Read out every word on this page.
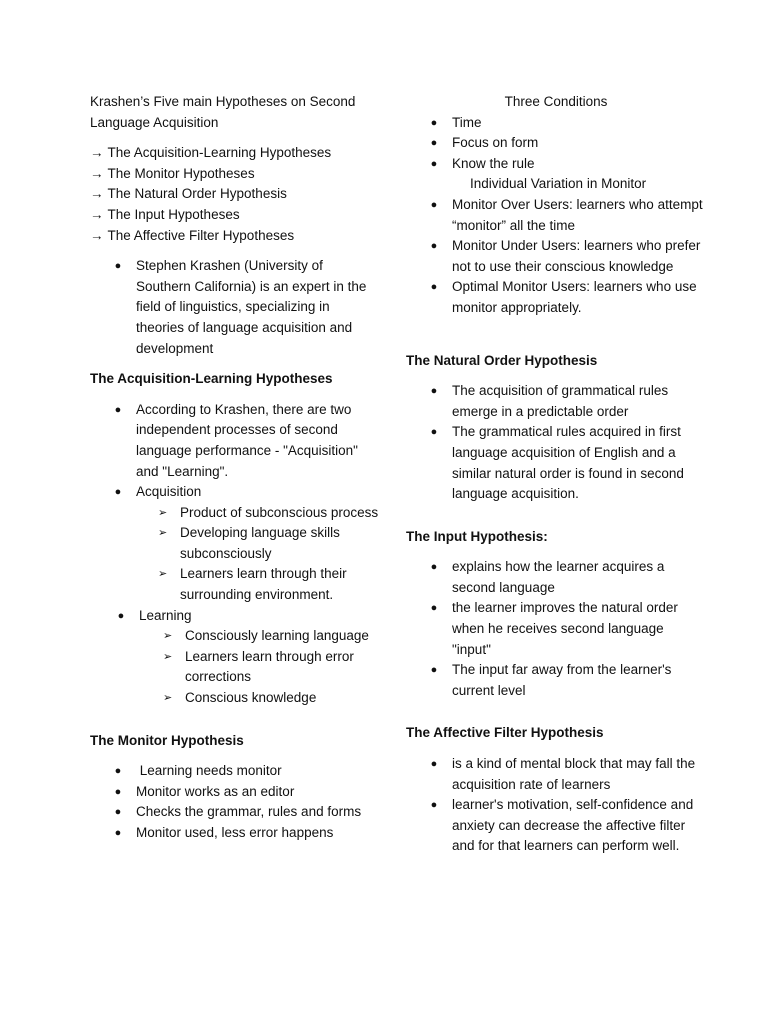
Krashen’s Five main Hypotheses on Second Language Acquisition

→ The Acquisition-Learning Hypotheses
→ The Monitor Hypotheses
→ The Natural Order Hypothesis
→ The Input Hypotheses
→ The Affective Filter Hypotheses
● Stephen Krashen (University of Southern California) is an expert in the field of linguistics, specializing in theories of language acquisition and development

The Acquisition-Learning Hypotheses

● According to Krashen, there are two independent processes of second language performance - "Acquisition" and "Learning".
● Acquisition
➢ Product of subconscious process
➢ Developing language skills subconsciously
➢ Learners learn through their surrounding environment.
● Learning
➢ Consciously learning language
➢ Learners learn through error corrections
➢ Conscious knowledge

The Monitor Hypothesis

● Learning needs monitor
● Monitor works as an editor
● Checks the grammar, rules and forms
● Monitor used, less error happens

Three Conditions

● Time
● Focus on form
● Know the rule

Individual Variation in Monitor

● Monitor Over Users: learners who attempt “monitor” all the time
● Monitor Under Users: learners who prefer not to use their conscious knowledge
● Optimal Monitor Users: learners who use monitor appropriately.

The Natural Order Hypothesis

● The acquisition of grammatical rules emerge in a predictable order
● The grammatical rules acquired in first language acquisition of English and a similar natural order is found in second language acquisition.

The Input Hypothesis:

● explains how the learner acquires a second language
● the learner improves the natural order when he receives second language "input"
● The input far away from the learner's current level

The Affective Filter Hypothesis

● is a kind of mental block that may fall the acquisition rate of learners
● learner's motivation, self-confidence and anxiety can decrease the affective filter and for that learners can perform well.
